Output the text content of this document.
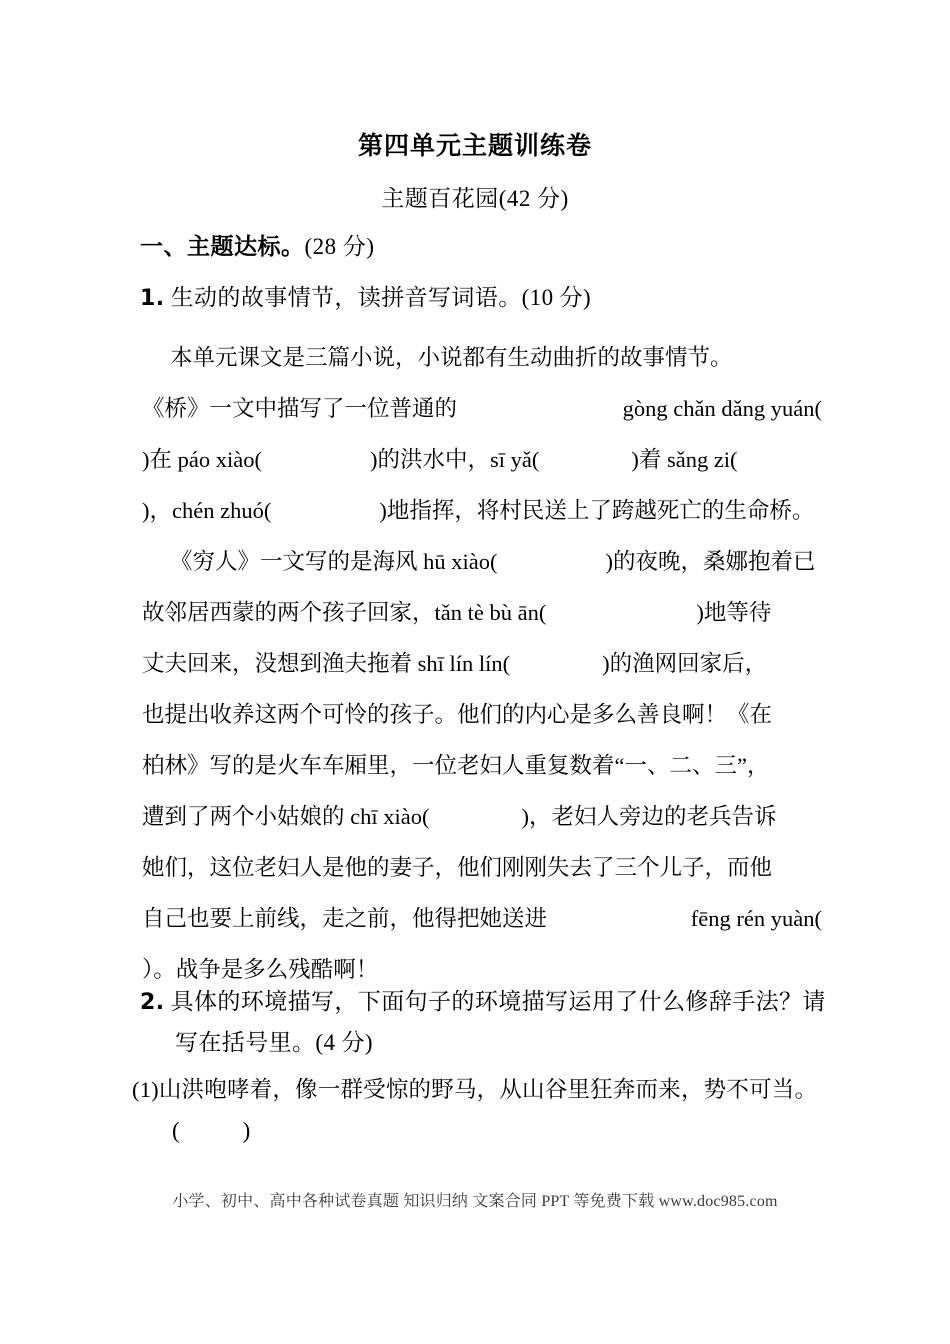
第四单元主题训练卷
主题百花园(42 分)
一、主题达标。(28 分)
1. 生动的故事情节，读拼音写词语。(10 分)
本单元课文是三篇小说，小说都有生动曲折的故事情节。
《桥》一文中描写了一位普通的	gòng chǎn dǎng yuán(
)在 páo xiào(	)的洪水中，sī yǎ(	)着 sǎng zi(
)，chén zhuó(	)地指挥，将村民送上了跨越死亡的生命桥。
《穷人》一文写的是海风 hū xiào(	)的夜晚，桑娜抱着已
故邻居西蒙的两个孩子回家，tǎn tè bù ān(	)地等待
丈夫回来，没想到渔夫拖着 shī lín lín(	)的渔网回家后，
也提出收养这两个可怜的孩子。他们的内心是多么善良啊！《在
柏林》写的是火车车厢里，一位老妇人重复数着“一、二、三”，
遭到了两个小姑娘的 chī xiào(	)，老妇人旁边的老兵告诉
她们，这位老妇人是他的妻子，他们刚刚失去了三个儿子，而他
自己也要上前线，走之前，他得把她送进	fēng rén yuàn(
）。战争是多么残酷啊！
2. 具体的环境描写，下面句子的环境描写运用了什么修辞手法？请
写在括号里。(4 分)
(1)山洪咆哮着，像一群受惊的野马，从山谷里狂奔而来，势不可当。
(	)
小学、初中、高中各种试卷真题 知识归纳 文案合同 PPT 等免费下载 www.doc985.com
